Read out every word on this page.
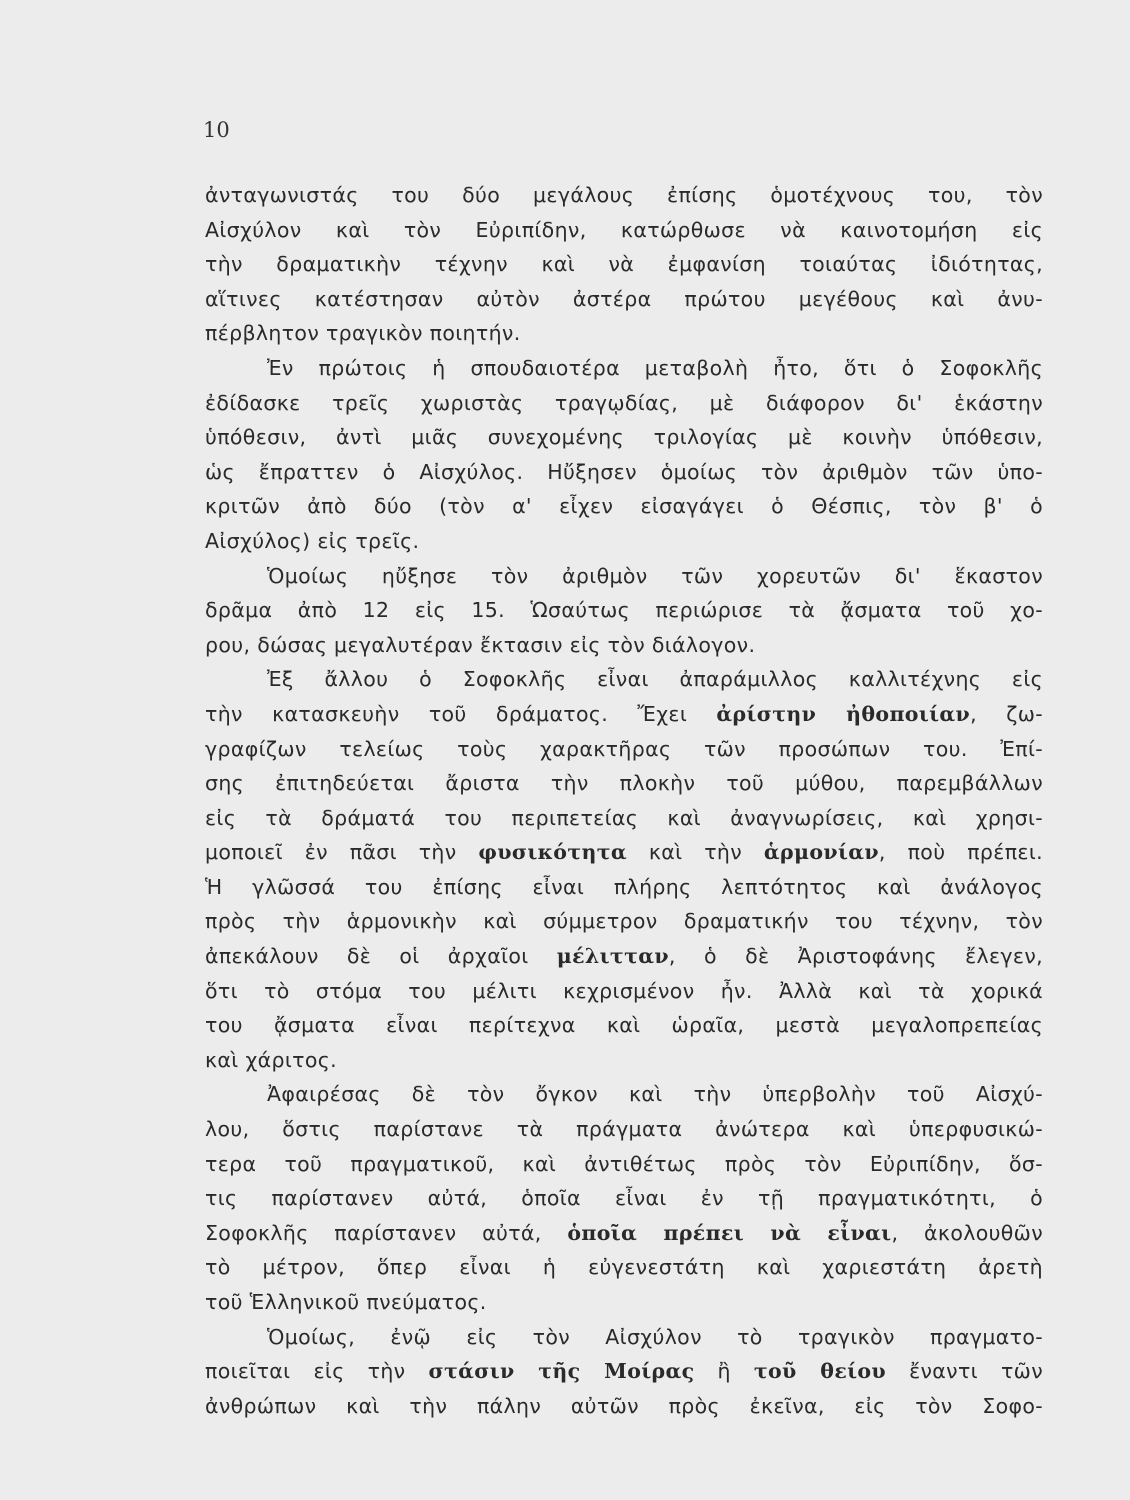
10
ἀνταγωνιστάς του δύο μεγάλους ἐπίσης ὁμοτέχνους του, τὸν
Αἰσχύλον καὶ τὸν Εὐριπίδην, κατώρθωσε νὰ καινοτομήση εἰς
τὴν δραματικὴν τέχνην καὶ νὰ ἐμφανίση τοιαύτας ἰδιότητας,
αἵτινες κατέστησαν αὐτὸν ἀστέρα πρώτου μεγέθους καὶ ἀνυ-
πέρβλητον τραγικὸν ποιητήν.
Ἐν πρώτοις ἡ σπουδαιοτέρα μεταβολὴ ἦτο, ὅτι ὁ Σοφοκλῆς
ἐδίδασκε τρεῖς χωριστὰς τραγῳδίας, μὲ διάφορον δι' ἑκάστην
ὑπόθεσιν, ἀντὶ μιᾶς συνεχομένης τριλογίας μὲ κοινὴν ὑπόθεσιν,
ὡς ἔπραττεν ὁ Αἰσχύλος. Ηὔξησεν ὁμοίως τὸν ἀριθμὸν τῶν ὑπο-
κριτῶν ἀπὸ δύο (τὸν α' εἶχεν εἰσαγάγει ὁ Θέσπις, τὸν β' ὁ
Αἰσχύλος) εἰς τρεῖς.
Ὁμοίως ηὔξησε τὸν ἀριθμὸν τῶν χορευτῶν δι' ἕκαστον
δρᾶμα ἀπὸ 12 εἰς 15. Ὡσαύτως περιώρισε τὰ ᾄσματα τοῦ χο-
ρου, δώσας μεγαλυτέραν ἔκτασιν εἰς τὸν διάλογον.
Ἐξ ἄλλου ὁ Σοφοκλῆς εἶναι ἀπαράμιλλος καλλιτέχνης εἰς
τὴν κατασκευὴν τοῦ δράματος. Ἔχει ἀρίστην ἠθοποιίαν, ζω-
γραφίζων τελείως τοὺς χαρακτῆρας τῶν προσώπων του. Ἐπί-
σης ἐπιτηδεύεται ἄριστα τὴν πλοκὴν τοῦ μύθου, παρεμβάλλων
εἰς τὰ δράματά του περιπετείας καὶ ἀναγνωρίσεις, καὶ χρησι-
μοποιεῖ ἐν πᾶσι τὴν φυσικότητα καὶ τὴν ἁρμονίαν, ποὺ πρέπει.
Ἡ γλῶσσά του ἐπίσης εἶναι πλήρης λεπτότητος καὶ ἀνάλογος
πρὸς τὴν ἁρμονικὴν καὶ σύμμετρον δραματικήν του τέχνην, τὸν
ἀπεκάλουν δὲ οἱ ἀρχαῖοι μέλιτταν, ὁ δὲ Ἀριστοφάνης ἔλεγεν,
ὅτι τὸ στόμα του μέλιτι κεχρισμένον ἦν. Ἀλλὰ καὶ τὰ χορικά
του ᾄσματα εἶναι περίτεχνα καὶ ὡραῖα, μεστὰ μεγαλοπρεπείας
καὶ χάριτος.
Ἀφαιρέσας δὲ τὸν ὄγκον καὶ τὴν ὑπερβολὴν τοῦ Αἰσχύ-
λου, ὅστις παρίστανε τὰ πράγματα ἀνώτερα καὶ ὑπερφυσικώ-
τερα τοῦ πραγματικοῦ, καὶ ἀντιθέτως πρὸς τὸν Εὐριπίδην, ὅσ-
τις παρίστανεν αὐτά, ὁποῖα εἶναι ἐν τῇ πραγματικότητι, ὁ
Σοφοκλῆς παρίστανεν αὐτά, ὁποῖα πρέπει νὰ εἶναι, ἀκολουθῶν
τὸ μέτρον, ὅπερ εἶναι ἡ εὐγενεστάτη καὶ χαριεστάτη ἀρετὴ
τοῦ Ἑλληνικοῦ πνεύματος.
Ὁμοίως, ἐνῷ εἰς τὸν Αἰσχύλον τὸ τραγικὸν πραγματο-
ποιεῖται εἰς τὴν στάσιν τῆς Μοίρας ἢ τοῦ θείου ἔναντι τῶν
ἀνθρώπων καὶ τὴν πάλην αὐτῶν πρὸς ἐκεῖνα, εἰς τὸν Σοφο-
